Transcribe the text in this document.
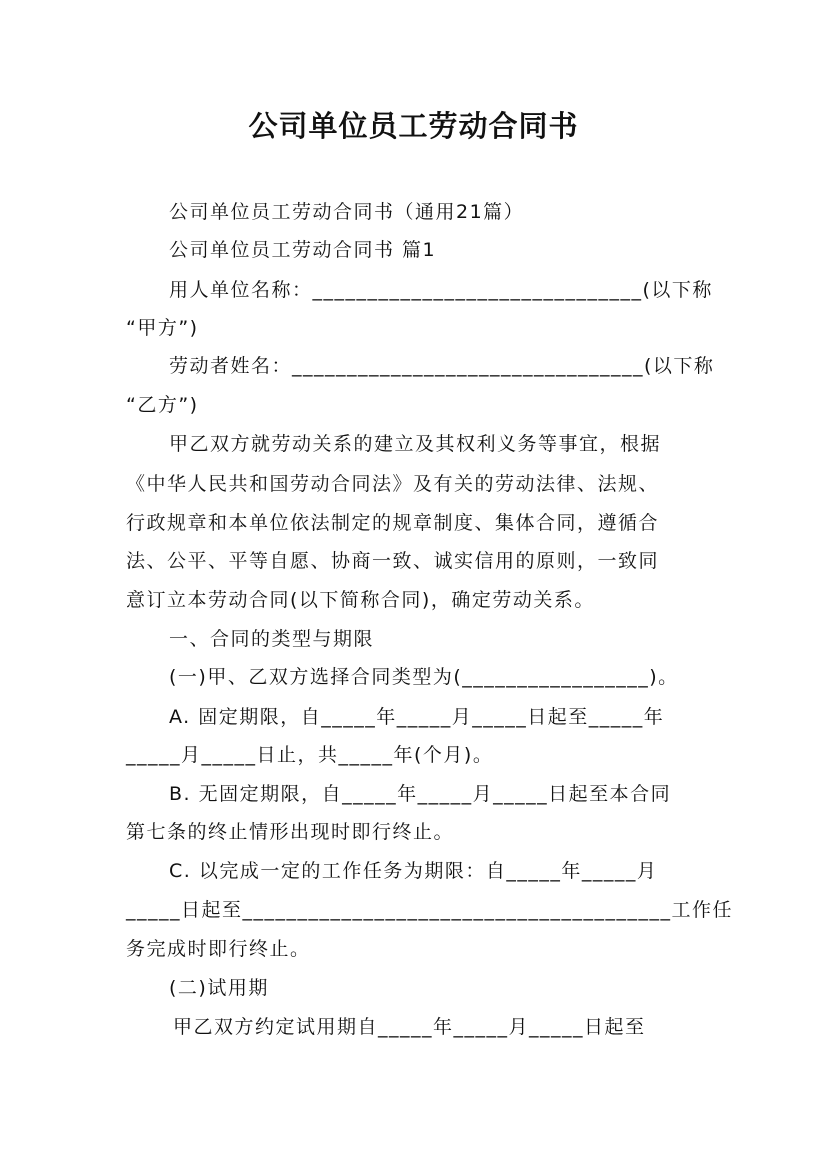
公司单位员工劳动合同书
公司单位员工劳动合同书（通用21篇）
公司单位员工劳动合同书 篇1
用人单位名称：______________________________(以下称
“甲方”)
劳动者姓名：________________________________(以下称
“乙方”)
甲乙双方就劳动关系的建立及其权利义务等事宜，根据
《中华人民共和国劳动合同法》及有关的劳动法律、法规、
行政规章和本单位依法制定的规章制度、集体合同，遵循合
法、公平、平等自愿、协商一致、诚实信用的原则，一致同
意订立本劳动合同(以下简称合同)，确定劳动关系。
一、合同的类型与期限
(一)甲、乙双方选择合同类型为(_________________)。
A. 固定期限，自_____年_____月_____日起至_____年
_____月_____日止，共_____年(个月)。
B. 无固定期限，自_____年_____月_____日起至本合同
第七条的终止情形出现时即行终止。
C. 以完成一定的工作任务为期限：自_____年_____月
_____日起至_______________________________________工作任
务完成时即行终止。
(二)试用期
甲乙双方约定试用期自_____年_____月_____日起至
